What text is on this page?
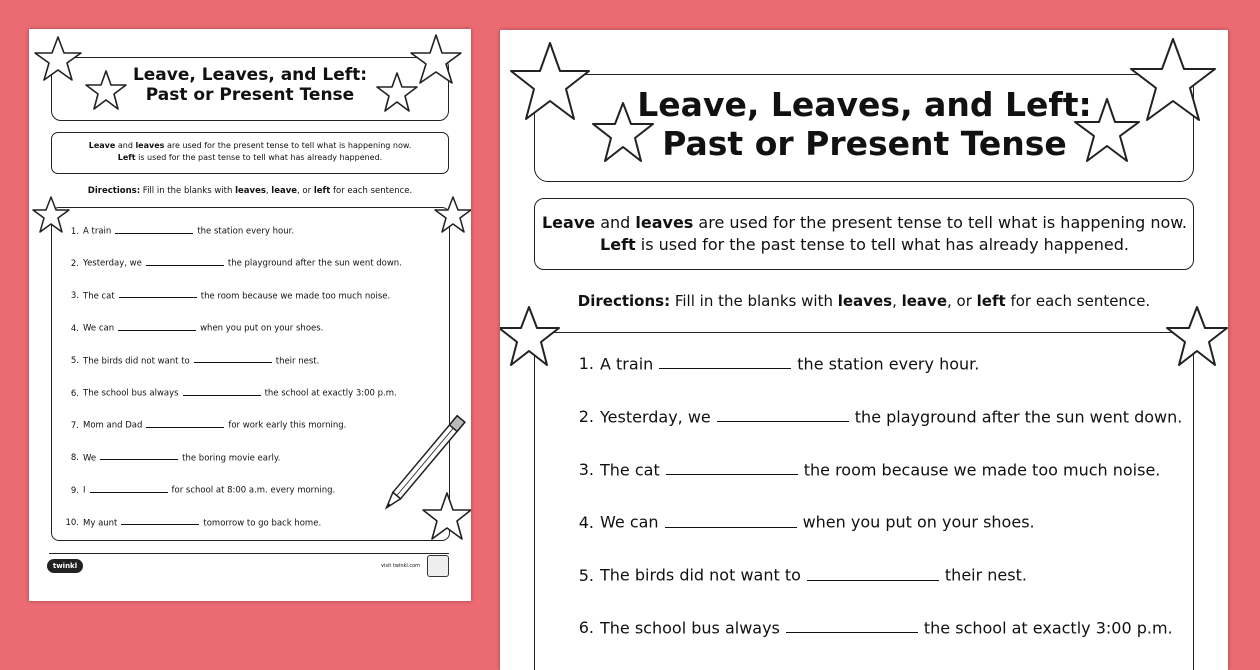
Leave, Leaves, and Left:
Past or Present Tense
Leave and leaves are used for the present tense to tell what is happening now.
Left is used for the past tense to tell what has already happened.
Directions: Fill in the blanks with leaves, leave, or left for each sentence.
1. A train	the station every hour.
2. Yesterday, we	the playground after the sun went down.
3. The cat	the room because we made too much noise.
4. We can	when you put on your shoes.
5. The birds did not want to	their nest.
6. The school bus always	the school at exactly 3:00 p.m.
7. Mom and Dad	for work early this morning.
8. We	the boring movie early.
9. I	for school at 8:00 a.m. every morning.
10. My aunt	tomorrow to go back home.
twinkl	visit twinkl.com
Leave, Leaves, and Left:
Past or Present Tense
Leave and leaves are used for the present tense to tell what is happening now.
Left is used for the past tense to tell what has already happened.
Directions: Fill in the blanks with leaves, leave, or left for each sentence.
1. A train	the station every hour.
2. Yesterday, we	the playground after the sun went down.
3. The cat	the room because we made too much noise.
4. We can	when you put on your shoes.
5. The birds did not want to	their nest.
6. The school bus always	the school at exactly 3:00 p.m.
